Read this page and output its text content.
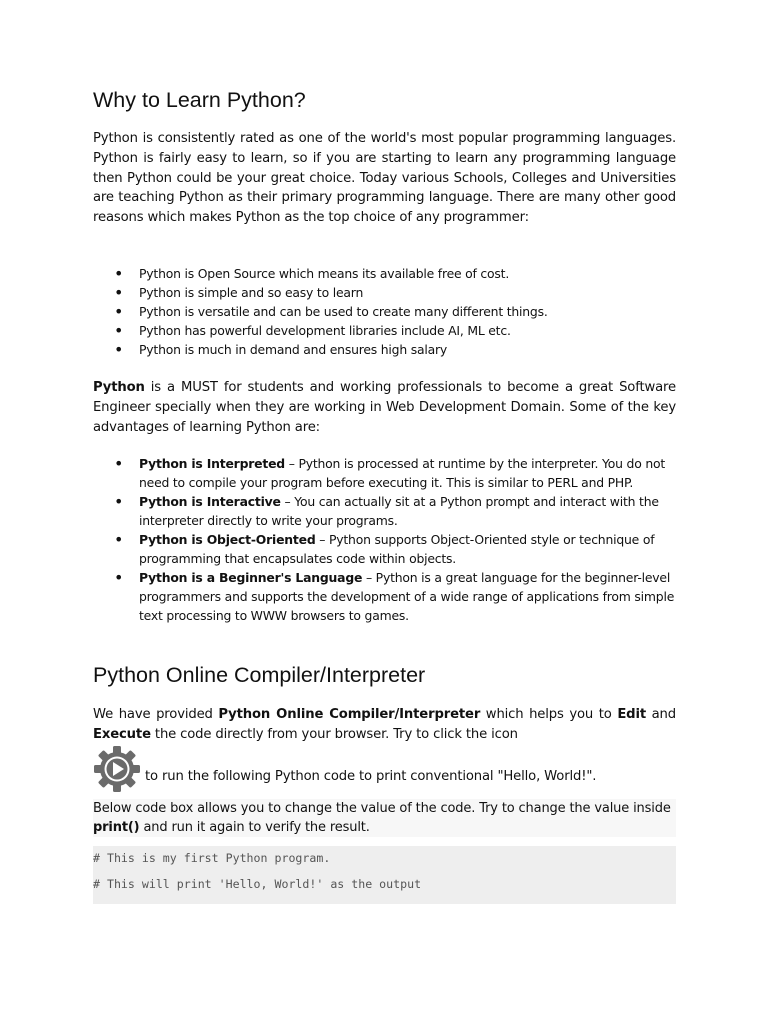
Why to Learn Python?

Python is consistently rated as one of the world's most popular programming languages. Python is fairly easy to learn, so if you are starting to learn any programming language then Python could be your great choice. Today various Schools, Colleges and Universities are teaching Python as their primary programming language. There are many other good reasons which makes Python as the top choice of any programmer:

• Python is Open Source which means its available free of cost.
• Python is simple and so easy to learn
• Python is versatile and can be used to create many different things.
• Python has powerful development libraries include AI, ML etc.
• Python is much in demand and ensures high salary

Python is a MUST for students and working professionals to become a great Software Engineer specially when they are working in Web Development Domain. Some of the key advantages of learning Python are:

• Python is Interpreted – Python is processed at runtime by the interpreter. You do not need to compile your program before executing it. This is similar to PERL and PHP.
• Python is Interactive – You can actually sit at a Python prompt and interact with the interpreter directly to write your programs.
• Python is Object-Oriented – Python supports Object-Oriented style or technique of programming that encapsulates code within objects.
• Python is a Beginner's Language – Python is a great language for the beginner-level programmers and supports the development of a wide range of applications from simple text processing to WWW browsers to games.
Python Online Compiler/Interpreter

We have provided Python Online Compiler/Interpreter which helps you to Edit and Execute the code directly from your browser. Try to click the icon

to run the following Python code to print conventional "Hello, World!".
Below code box allows you to change the value of the code. Try to change the value inside print() and run it again to verify the result.
# This is my first Python program.
# This will print 'Hello, World!' as the output
